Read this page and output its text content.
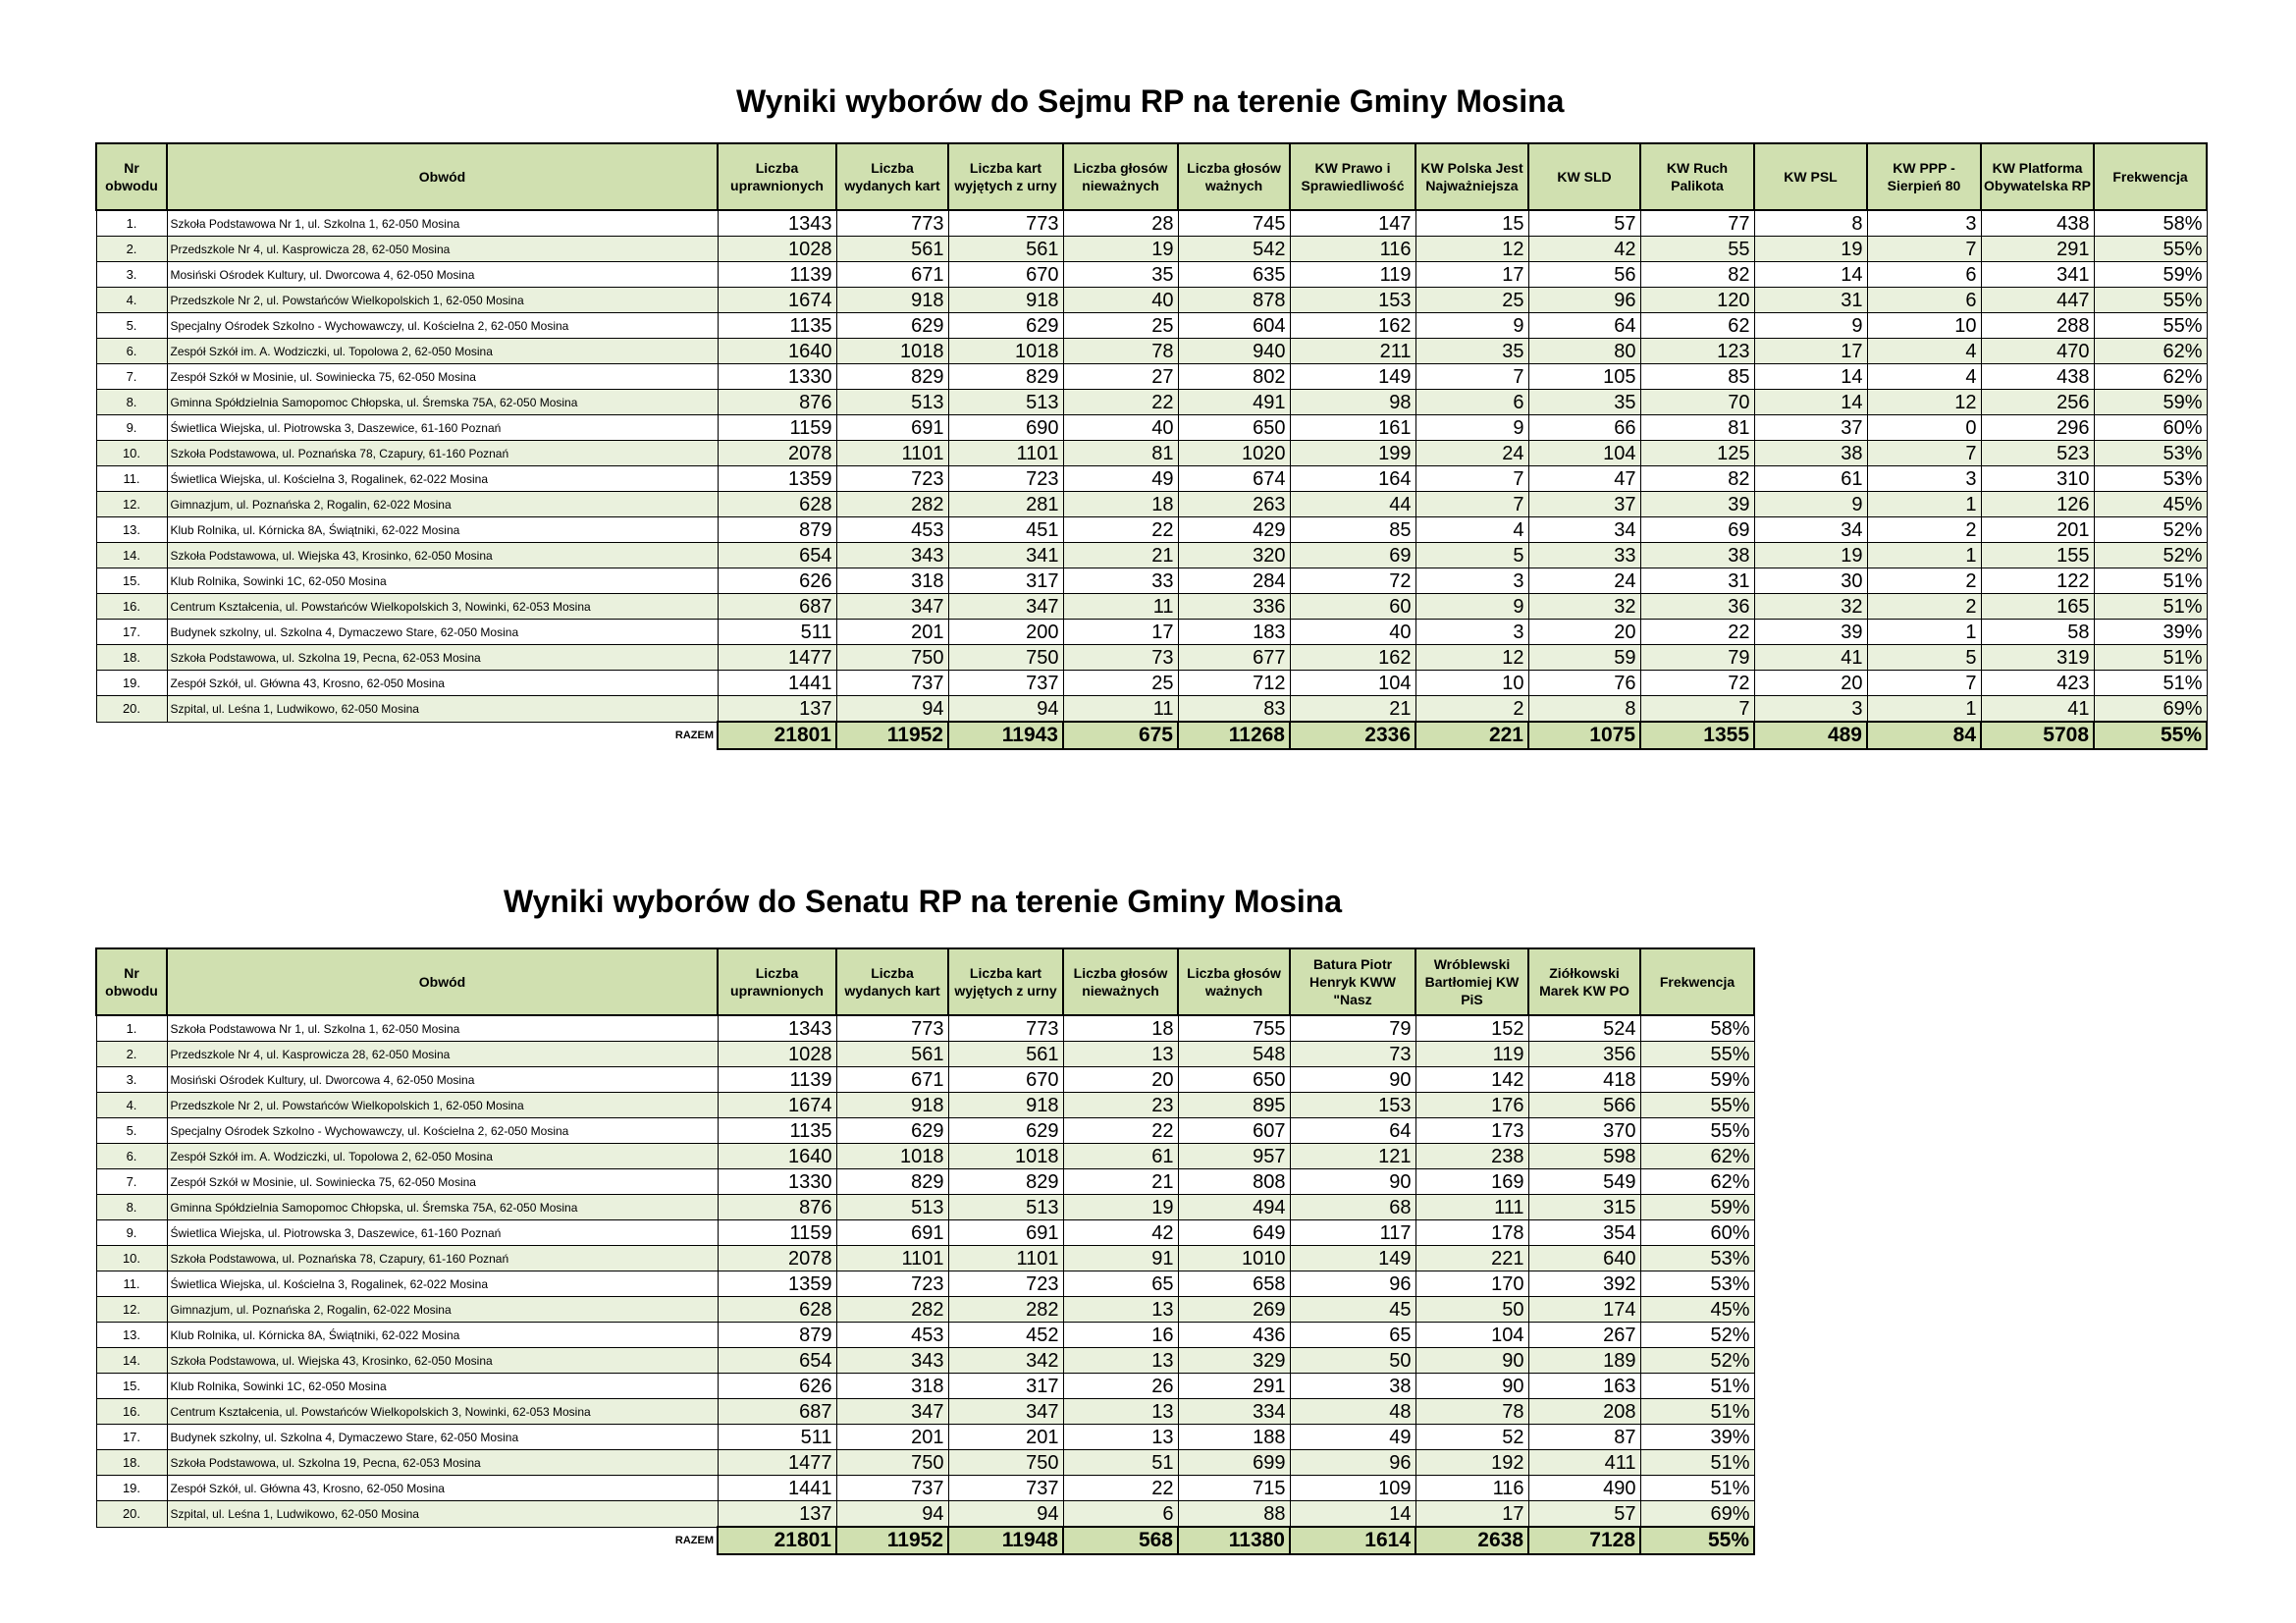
Wyniki wyborów do Sejmu RP na terenie Gminy Mosina
Nr obwodu	Obwód	Liczba uprawnionych	Liczba wydanych kart	Liczba kart wyjętych z urny	Liczba głosów nieważnych	Liczba głosów ważnych	KW Prawo i Sprawiedliwość	KW Polska Jest Najważniejsza	KW SLD	KW Ruch Palikota	KW PSL	KW PPP - Sierpień 80	KW Platforma Obywatelska RP	Frekwencja
1.	Szkoła Podstawowa Nr 1, ul. Szkolna 1, 62-050 Mosina	1343	773	773	28	745	147	15	57	77	8	3	438	58%
2.	Przedszkole Nr 4, ul. Kasprowicza 28, 62-050 Mosina	1028	561	561	19	542	116	12	42	55	19	7	291	55%
3.	Mosiński Ośrodek Kultury, ul. Dworcowa 4, 62-050 Mosina	1139	671	670	35	635	119	17	56	82	14	6	341	59%
4.	Przedszkole Nr 2, ul. Powstańców Wielkopolskich 1, 62-050 Mosina	1674	918	918	40	878	153	25	96	120	31	6	447	55%
5.	Specjalny Ośrodek Szkolno - Wychowawczy, ul. Kościelna 2, 62-050 Mosina	1135	629	629	25	604	162	9	64	62	9	10	288	55%
6.	Zespół Szkół im. A. Wodziczki, ul. Topolowa 2, 62-050 Mosina	1640	1018	1018	78	940	211	35	80	123	17	4	470	62%
7.	Zespół Szkół w Mosinie, ul. Sowiniecka 75, 62-050 Mosina	1330	829	829	27	802	149	7	105	85	14	4	438	62%
8.	Gminna Spółdzielnia Samopomoc Chłopska, ul. Śremska 75A, 62-050 Mosina	876	513	513	22	491	98	6	35	70	14	12	256	59%
9.	Świetlica Wiejska, ul. Piotrowska 3, Daszewice, 61-160 Poznań	1159	691	690	40	650	161	9	66	81	37	0	296	60%
10.	Szkoła Podstawowa, ul. Poznańska 78, Czapury, 61-160 Poznań	2078	1101	1101	81	1020	199	24	104	125	38	7	523	53%
11.	Świetlica Wiejska, ul. Kościelna 3, Rogalinek, 62-022 Mosina	1359	723	723	49	674	164	7	47	82	61	3	310	53%
12.	Gimnazjum, ul. Poznańska 2, Rogalin, 62-022 Mosina	628	282	281	18	263	44	7	37	39	9	1	126	45%
13.	Klub Rolnika, ul. Kórnicka 8A, Świątniki, 62-022 Mosina	879	453	451	22	429	85	4	34	69	34	2	201	52%
14.	Szkoła Podstawowa, ul. Wiejska 43, Krosinko, 62-050 Mosina	654	343	341	21	320	69	5	33	38	19	1	155	52%
15.	Klub Rolnika, Sowinki 1C, 62-050 Mosina	626	318	317	33	284	72	3	24	31	30	2	122	51%
16.	Centrum Kształcenia, ul. Powstańców Wielkopolskich 3, Nowinki, 62-053 Mosina	687	347	347	11	336	60	9	32	36	32	2	165	51%
17.	Budynek szkolny, ul. Szkolna 4, Dymaczewo Stare, 62-050 Mosina	511	201	200	17	183	40	3	20	22	39	1	58	39%
18.	Szkoła Podstawowa, ul. Szkolna 19, Pecna, 62-053 Mosina	1477	750	750	73	677	162	12	59	79	41	5	319	51%
19.	Zespół Szkół, ul. Główna 43, Krosno, 62-050 Mosina	1441	737	737	25	712	104	10	76	72	20	7	423	51%
20.	Szpital, ul. Leśna 1, Ludwikowo, 62-050 Mosina	137	94	94	11	83	21	2	8	7	3	1	41	69%
	RAZEM	21801	11952	11943	675	11268	2336	221	1075	1355	489	84	5708	55%
Wyniki wyborów do Senatu RP na terenie Gminy Mosina
Nr obwodu	Obwód	Liczba uprawnionych	Liczba wydanych kart	Liczba kart wyjętych z urny	Liczba głosów nieważnych	Liczba głosów ważnych	Batura Piotr Henryk KWW "Nasz	Wróblewski Bartłomiej KW PiS	Ziółkowski Marek KW PO	Frekwencja
1.	Szkoła Podstawowa Nr 1, ul. Szkolna 1, 62-050 Mosina	1343	773	773	18	755	79	152	524	58%
2.	Przedszkole Nr 4, ul. Kasprowicza 28, 62-050 Mosina	1028	561	561	13	548	73	119	356	55%
3.	Mosiński Ośrodek Kultury, ul. Dworcowa 4, 62-050 Mosina	1139	671	670	20	650	90	142	418	59%
4.	Przedszkole Nr 2, ul. Powstańców Wielkopolskich 1, 62-050 Mosina	1674	918	918	23	895	153	176	566	55%
5.	Specjalny Ośrodek Szkolno - Wychowawczy, ul. Kościelna 2, 62-050 Mosina	1135	629	629	22	607	64	173	370	55%
6.	Zespół Szkół im. A. Wodziczki, ul. Topolowa 2, 62-050 Mosina	1640	1018	1018	61	957	121	238	598	62%
7.	Zespół Szkół w Mosinie, ul. Sowiniecka 75, 62-050 Mosina	1330	829	829	21	808	90	169	549	62%
8.	Gminna Spółdzielnia Samopomoc Chłopska, ul. Śremska 75A, 62-050 Mosina	876	513	513	19	494	68	111	315	59%
9.	Świetlica Wiejska, ul. Piotrowska 3, Daszewice, 61-160 Poznań	1159	691	691	42	649	117	178	354	60%
10.	Szkoła Podstawowa, ul. Poznańska 78, Czapury, 61-160 Poznań	2078	1101	1101	91	1010	149	221	640	53%
11.	Świetlica Wiejska, ul. Kościelna 3, Rogalinek, 62-022 Mosina	1359	723	723	65	658	96	170	392	53%
12.	Gimnazjum, ul. Poznańska 2, Rogalin, 62-022 Mosina	628	282	282	13	269	45	50	174	45%
13.	Klub Rolnika, ul. Kórnicka 8A, Świątniki, 62-022 Mosina	879	453	452	16	436	65	104	267	52%
14.	Szkoła Podstawowa, ul. Wiejska 43, Krosinko, 62-050 Mosina	654	343	342	13	329	50	90	189	52%
15.	Klub Rolnika, Sowinki 1C, 62-050 Mosina	626	318	317	26	291	38	90	163	51%
16.	Centrum Kształcenia, ul. Powstańców Wielkopolskich 3, Nowinki, 62-053 Mosina	687	347	347	13	334	48	78	208	51%
17.	Budynek szkolny, ul. Szkolna 4, Dymaczewo Stare, 62-050 Mosina	511	201	201	13	188	49	52	87	39%
18.	Szkoła Podstawowa, ul. Szkolna 19, Pecna, 62-053 Mosina	1477	750	750	51	699	96	192	411	51%
19.	Zespół Szkół, ul. Główna 43, Krosno, 62-050 Mosina	1441	737	737	22	715	109	116	490	51%
20.	Szpital, ul. Leśna 1, Ludwikowo, 62-050 Mosina	137	94	94	6	88	14	17	57	69%
	RAZEM	21801	11952	11948	568	11380	1614	2638	7128	55%
